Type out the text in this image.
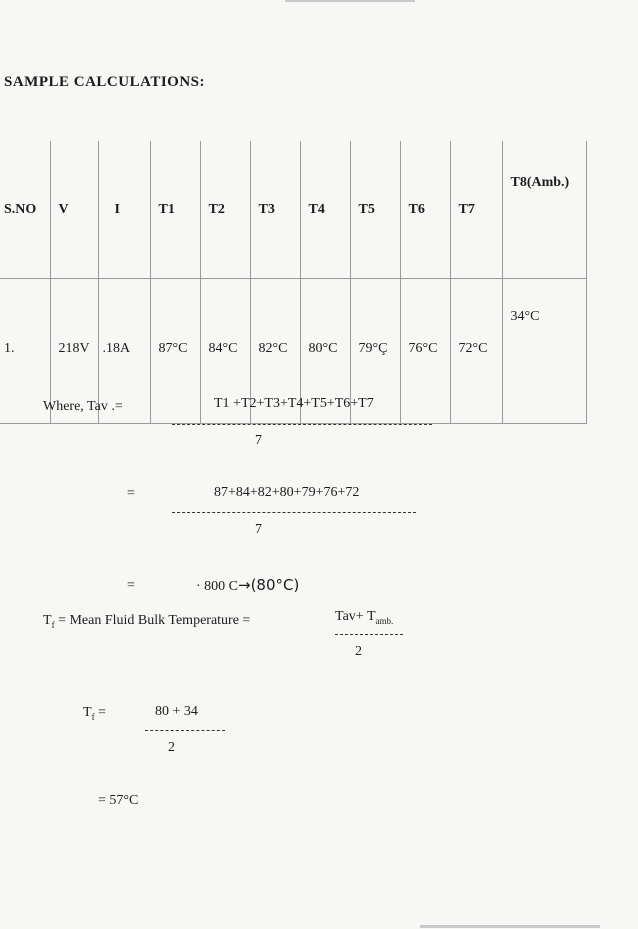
SAMPLE CALCULATIONS:
S.NO	V	I	T1	T2	T3	T4	T5	T6	T7	T8(Amb.)
1.	218V	.18A	87°C	84°C	82°C	80°C	79°Ç	76°C	72°C	34°C
Where, Tav .=	T1 +T2+T3+T4+T5+T6+T7
7
=	87+84+82+80+79+76+72
7
=	· 800 C→(80°C)
$T_f$ = Mean Fluid Bulk Temperature =	$Tav+ T_{amb.}$
2
$T_f$ =	80 + 34
2
= 57°C
